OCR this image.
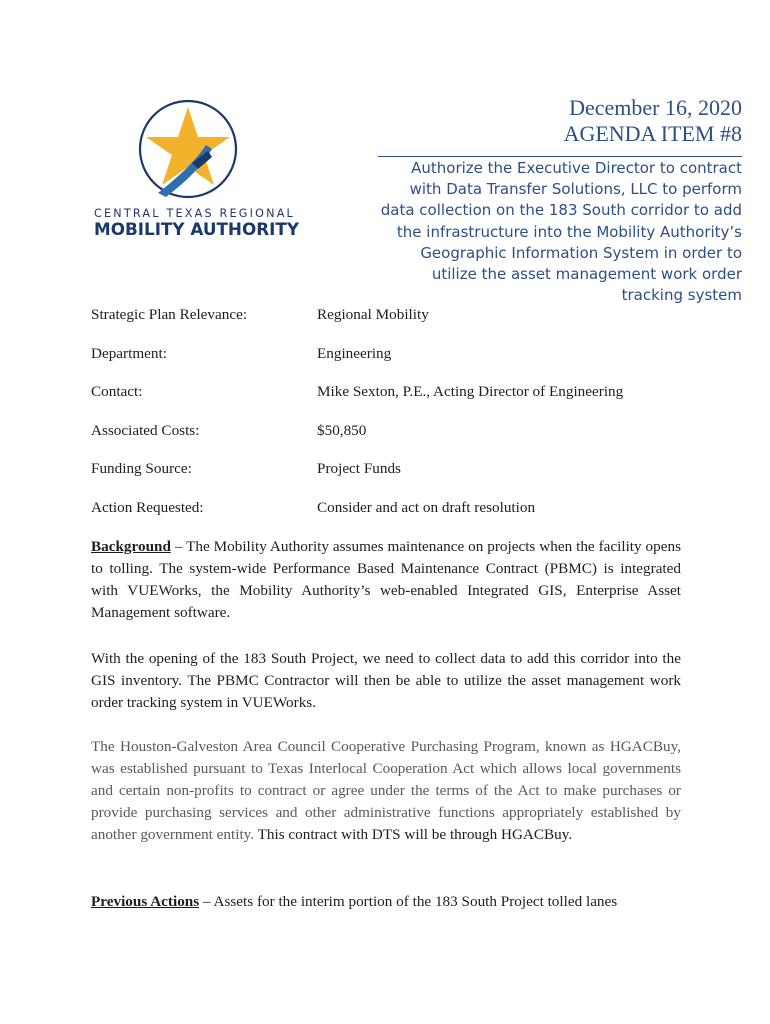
CENTRAL TEXAS REGIONAL
MOBILITY AUTHORITY
December 16, 2020
AGENDA ITEM #8
Authorize the Executive Director to contract
with Data Transfer Solutions, LLC to perform
data collection on the 183 South corridor to add
the infrastructure into the Mobility Authority’s
Geographic Information System in order to
utilize the asset management work order
tracking system
Strategic Plan Relevance:	Regional Mobility
Department:	Engineering
Contact:	Mike Sexton, P.E., Acting Director of Engineering
Associated Costs:	$50,850
Funding Source:	Project Funds
Action Requested:	Consider and act on draft resolution
Background – The Mobility Authority assumes maintenance on projects when the facility opens to tolling. The system-wide Performance Based Maintenance Contract (PBMC) is integrated with VUEWorks, the Mobility Authority’s web-enabled Integrated GIS, Enterprise Asset Management software.
With the opening of the 183 South Project, we need to collect data to add this corridor into the GIS inventory. The PBMC Contractor will then be able to utilize the asset management work order tracking system in VUEWorks.
The Houston-Galveston Area Council Cooperative Purchasing Program, known as HGACBuy, was established pursuant to Texas Interlocal Cooperation Act which allows local governments and certain non-profits to contract or agree under the terms of the Act to make purchases or provide purchasing services and other administrative functions appropriately established by another government entity. This contract with DTS will be through HGACBuy.
Previous Actions – Assets for the interim portion of the 183 South Project tolled lanes
